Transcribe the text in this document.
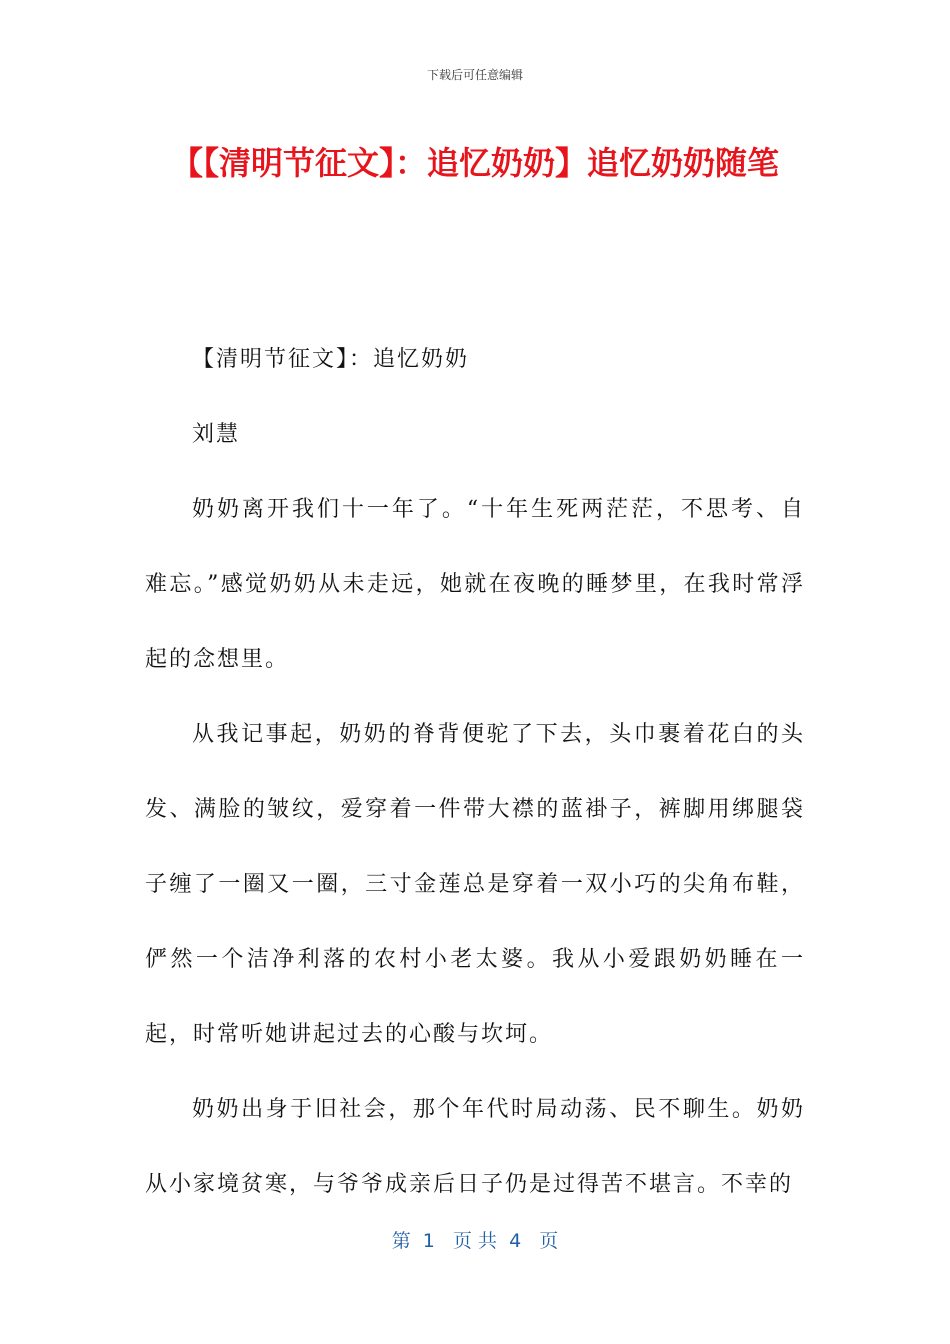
下载后可任意编辑
【【清明节征文】：追忆奶奶】追忆奶奶随笔

【清明节征文】：追忆奶奶

刘慧

奶奶离开我们十一年了。“十年生死两茫茫，不思考、自难忘。”感觉奶奶从未走远，她就在夜晚的睡梦里，在我时常浮起的念想里。

从我记事起，奶奶的脊背便驼了下去，头巾裹着花白的头发、满脸的皱纹，爱穿着一件带大襟的蓝褂子，裤脚用绑腿袋子缠了一圈又一圈，三寸金莲总是穿着一双小巧的尖角布鞋，俨然一个洁净利落的农村小老太婆。我从小爱跟奶奶睡在一起，时常听她讲起过去的心酸与坎坷。

奶奶出身于旧社会，那个年代时局动荡、民不聊生。奶奶从小家境贫寒，与爷爷成亲后日子仍是过得苦不堪言。不幸的

第  1   页 共  4   页
